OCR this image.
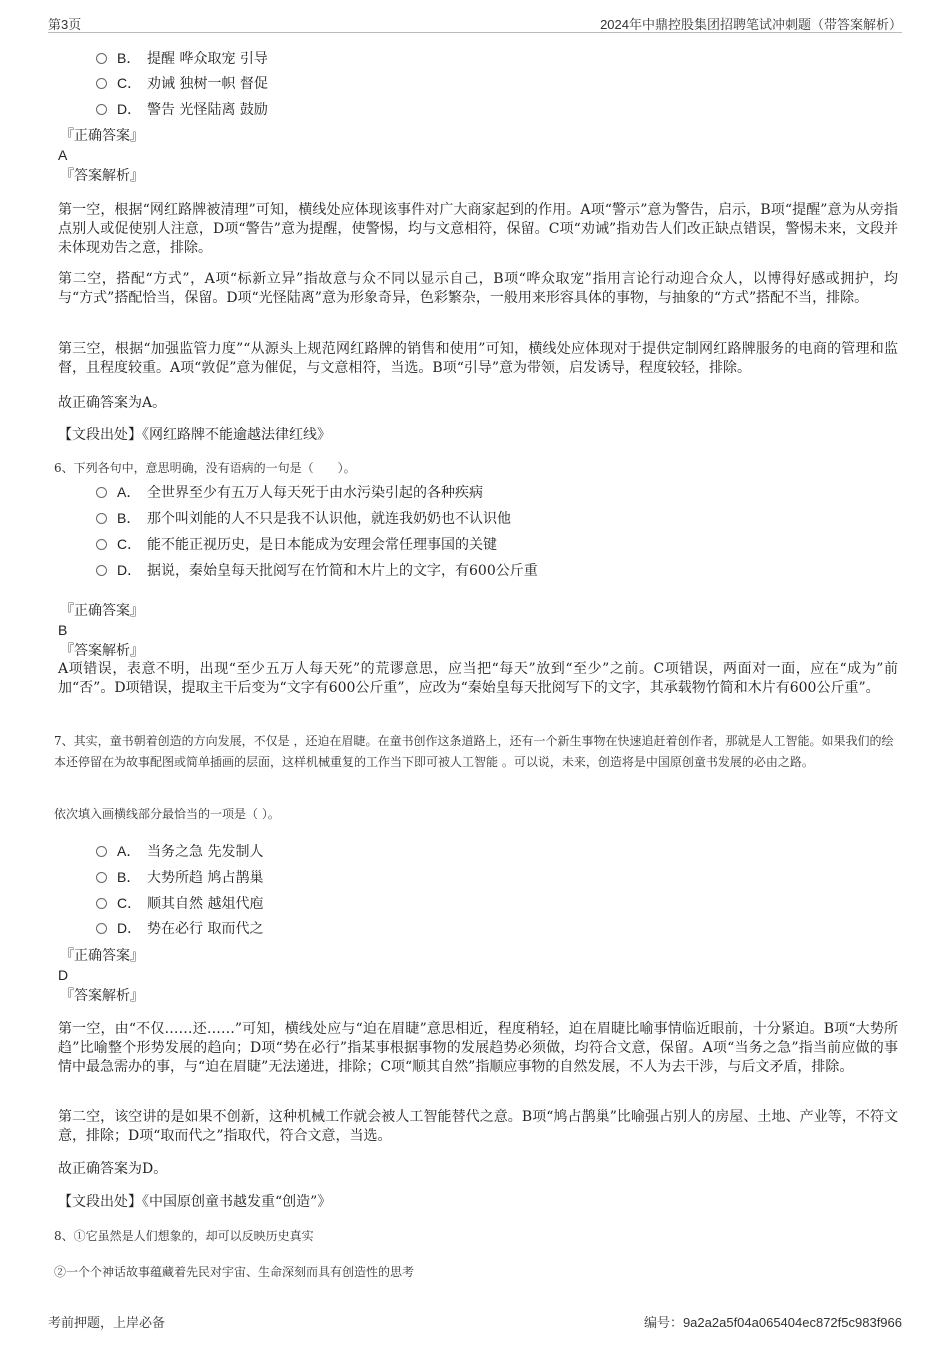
第3页	2024年中鼎控股集团招聘笔试冲刺题（带答案解析）
B． 提醒 哗众取宠 引导
C． 劝诫 独树一帜 督促
D． 警告 光怪陆离 鼓励
『正确答案』
A
『答案解析』
第一空，根据“网红路牌被清理”可知，横线处应体现该事件对广大商家起到的作用。A项“警示”意为警告，启示，B项“提醒”意为从旁指点别人或促使别人注意，D项“警告”意为提醒，使警惕，均与文意相符，保留。C项“劝诫”指劝告人们改正缺点错误，警惕未来，文段并未体现劝告之意，排除。
第二空，搭配“方式”，A项“标新立异”指故意与众不同以显示自己，B项“哗众取宠”指用言论行动迎合众人，以博得好感或拥护，均与“方式”搭配恰当，保留。D项“光怪陆离”意为形象奇异，色彩繁杂，一般用来形容具体的事物，与抽象的“方式”搭配不当，排除。
第三空，根据“加强监管力度”“从源头上规范网红路牌的销售和使用”可知，横线处应体现对于提供定制网红路牌服务的电商的管理和监督，且程度较重。A项“敦促”意为催促，与文意相符，当选。B项“引导”意为带领，启发诱导，程度较轻，排除。
故正确答案为A。
【文段出处】《网红路牌不能逾越法律红线》
6、下列各句中，意思明确，没有语病的一句是（　　）。
A． 全世界至少有五万人每天死于由水污染引起的各种疾病
B． 那个叫刘能的人不只是我不认识他，就连我奶奶也不认识他
C． 能不能正视历史，是日本能成为安理会常任理事国的关键
D． 据说，秦始皇每天批阅写在竹简和木片上的文字，有600公斤重
『正确答案』
B
『答案解析』
A项错误，表意不明，出现“至少五万人每天死”的荒谬意思，应当把“每天”放到“至少”之前。C项错误，两面对一面，应在“成为”前加“否”。D项错误，提取主干后变为“文字有600公斤重”，应改为“秦始皇每天批阅写下的文字，其承载物竹简和木片有600公斤重”。
7、其实，童书朝着创造的方向发展，不仅是 ，还迫在眉睫。在童书创作这条道路上，还有一个新生事物在快速追赶着创作者，那就是人工智能。如果我们的绘本还停留在为故事配图或简单插画的层面，这样机械重复的工作当下即可被人工智能 。可以说，未来，创造将是中国原创童书发展的必由之路。
依次填入画横线部分最恰当的一项是（ ）。
A． 当务之急 先发制人
B． 大势所趋 鸠占鹊巢
C． 顺其自然 越俎代庖
D． 势在必行 取而代之
『正确答案』
D
『答案解析』
第一空，由“不仅……还……”可知，横线处应与“迫在眉睫”意思相近，程度稍轻，迫在眉睫比喻事情临近眼前，十分紧迫。B项“大势所趋”比喻整个形势发展的趋向；D项“势在必行”指某事根据事物的发展趋势必须做，均符合文意，保留。A项“当务之急”指当前应做的事情中最急需办的事，与“迫在眉睫”无法递进，排除；C项“顺其自然”指顺应事物的自然发展，不人为去干涉，与后文矛盾，排除。
第二空，该空讲的是如果不创新，这种机械工作就会被人工智能替代之意。B项“鸠占鹊巢”比喻强占别人的房屋、土地、产业等，不符文意，排除；D项“取而代之”指取代，符合文意，当选。
故正确答案为D。
【文段出处】《中国原创童书越发重“创造”》
8、①它虽然是人们想象的，却可以反映历史真实
②一个个神话故事蕴藏着先民对宇宙、生命深刻而具有创造性的思考
考前押题，上岸必备	编号：9a2a2a5f04a065404ec872f5c983f966
